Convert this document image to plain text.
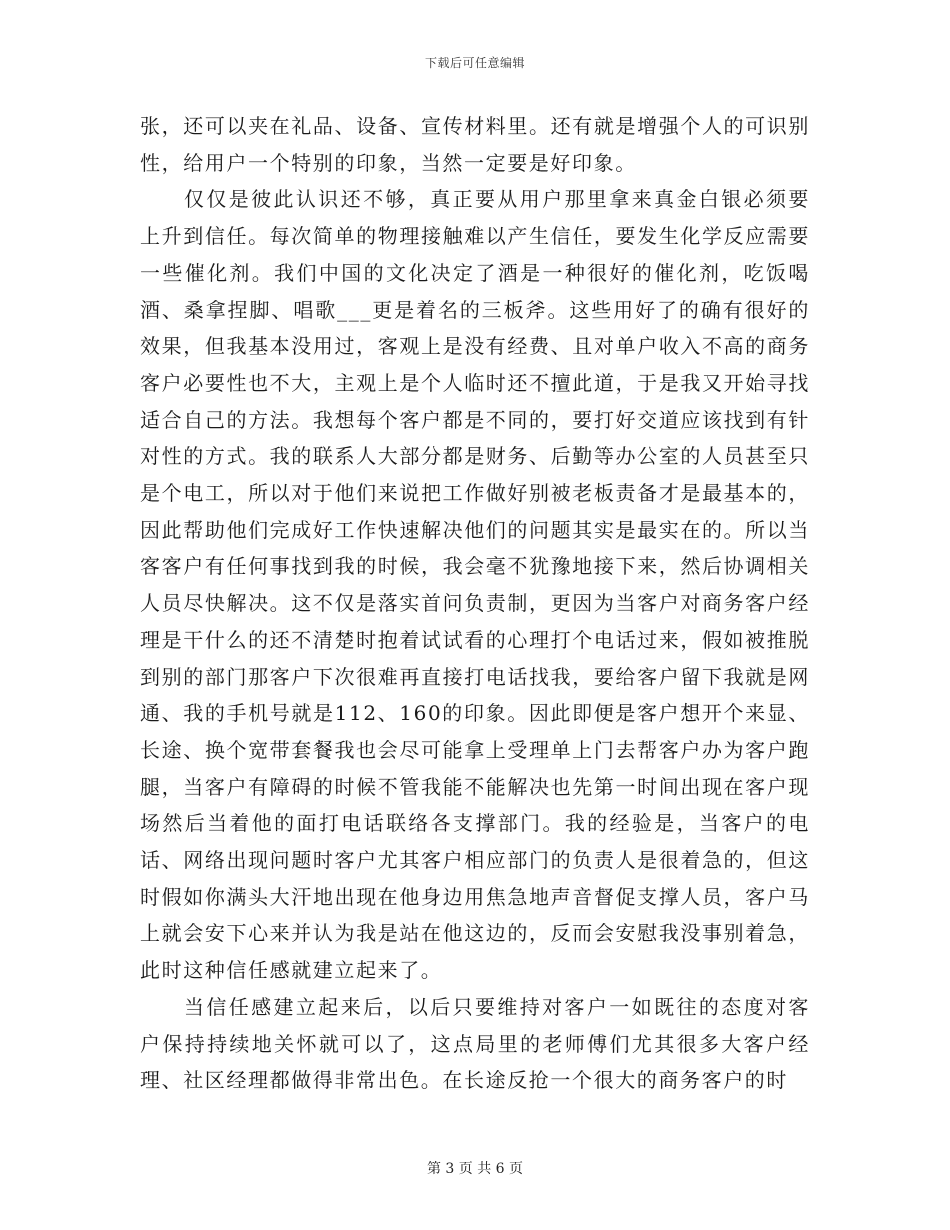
下载后可任意编辑

张，还可以夹在礼品、设备、宣传材料里。还有就是增强个人的可识别性，给用户一个特别的印象，当然一定要是好印象。

仅仅是彼此认识还不够，真正要从用户那里拿来真金白银必须要上升到信任。每次简单的物理接触难以产生信任，要发生化学反应需要一些催化剂。我们中国的文化决定了酒是一种很好的催化剂，吃饭喝酒、桑拿捏脚、唱歌___更是着名的三板斧。这些用好了的确有很好的效果，但我基本没用过，客观上是没有经费、且对单户收入不高的商务客户必要性也不大，主观上是个人临时还不擅此道，于是我又开始寻找适合自己的方法。我想每个客户都是不同的，要打好交道应该找到有针对性的方式。我的联系人大部分都是财务、后勤等办公室的人员甚至只是个电工，所以对于他们来说把工作做好别被老板责备才是最基本的，因此帮助他们完成好工作快速解决他们的问题其实是最实在的。所以当客客户有任何事找到我的时候，我会毫不犹豫地接下来，然后协调相关人员尽快解决。这不仅是落实首问负责制，更因为当客户对商务客户经理是干什么的还不清楚时抱着试试看的心理打个电话过来，假如被推脱到别的部门那客户下次很难再直接打电话找我，要给客户留下我就是网通、我的手机号就是112、160的印象。因此即便是客户想开个来显、长途、换个宽带套餐我也会尽可能拿上受理单上门去帮客户办为客户跑腿，当客户有障碍的时候不管我能不能解决也先第一时间出现在客户现场然后当着他的面打电话联络各支撑部门。我的经验是，当客户的电话、网络出现问题时客户尤其客户相应部门的负责人是很着急的，但这时假如你满头大汗地出现在他身边用焦急地声音督促支撑人员，客户马上就会安下心来并认为我是站在他这边的，反而会安慰我没事别着急，此时这种信任感就建立起来了。

当信任感建立起来后，以后只要维持对客户一如既往的态度对客户保持持续地关怀就可以了，这点局里的老师傅们尤其很多大客户经理、社区经理都做得非常出色。在长途反抢一个很大的商务客户的时

第 3 页 共 6 页
